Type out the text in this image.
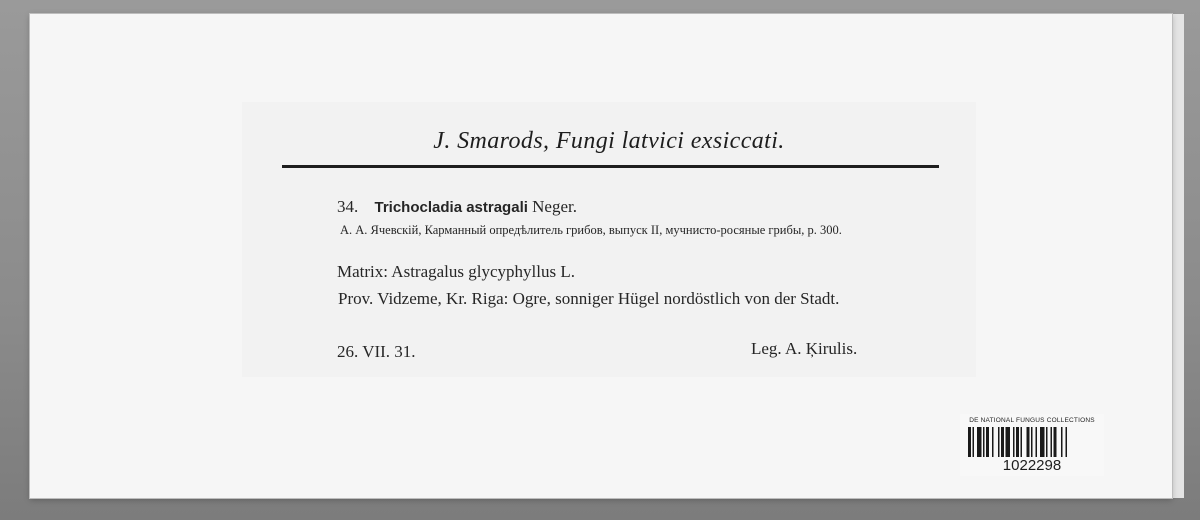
J. Smarods, Fungi latvici exsiccati.
34. Trichocladia astragali Neger.
А. А. Ячевскiй, Карманный опредѣлитель грибов, выпуск II, мучнисто-росяные грибы, р. 300.
Matrix: Astragalus glycyphyllus L.
Prov. Vidzeme, Kr. Riga: Ogre, sonniger Hügel nordöstlich von der Stadt.
26. VII. 31.	Leg. A. Ķirulis.
DE NATIONAL FUNGUS COLLECTIONS
1022298
